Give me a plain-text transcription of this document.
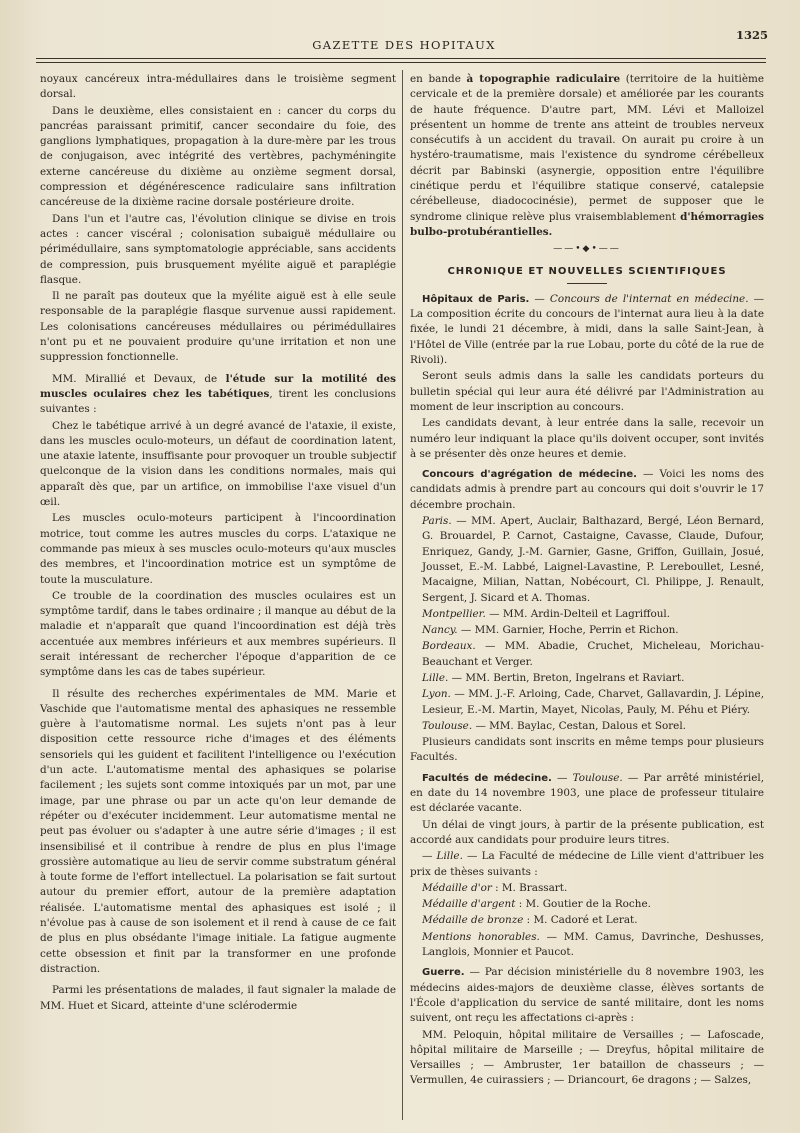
GAZETTE DES HOPITAUX
1325

noyaux cancéreux intra-médullaires dans le troisième segment dorsal.

Dans le deuxième, elles consistaient en : cancer du corps du pancréas paraissant primitif, cancer secondaire du foie, des ganglions lymphatiques, propagation à la dure-mère par les trous de conjugaison, avec intégrité des vertèbres, pachyméningite externe cancéreuse du dixième au onzième segment dorsal, compression et dégénérescence radiculaire sans infiltration cancéreuse de la dixième racine dorsale postérieure droite.

Dans l'un et l'autre cas, l'évolution clinique se divise en trois actes : cancer viscéral ; colonisation subaiguë médullaire ou périmédullaire, sans symptomatologie appréciable, sans accidents de compression, puis brusquement myélite aiguë et paraplégie flasque.

Il ne paraît pas douteux que la myélite aiguë est à elle seule responsable de la paraplégie flasque survenue aussi rapidement. Les colonisations cancéreuses médullaires ou périmédullaires n'ont pu et ne pouvaient produire qu'une irritation et non une suppression fonctionnelle.

MM. Mirallié et Devaux, de l'étude sur la motilité des muscles oculaires chez les tabétiques, tirent les conclusions suivantes :

Chez le tabétique arrivé à un degré avancé de l'ataxie, il existe, dans les muscles oculo-moteurs, un défaut de coordination latent, une ataxie latente, insuffisante pour provoquer un trouble subjectif quelconque de la vision dans les conditions normales, mais qui apparaît dès que, par un artifice, on immobilise l'axe visuel d'un œil.

Les muscles oculo-moteurs participent à l'incoordination motrice, tout comme les autres muscles du corps. L'ataxique ne commande pas mieux à ses muscles oculo-moteurs qu'aux muscles des membres, et l'incoordination motrice est un symptôme de toute la musculature.

Ce trouble de la coordination des muscles oculaires est un symptôme tardif, dans le tabes ordinaire ; il manque au début de la maladie et n'apparaît que quand l'incoordination est déjà très accentuée aux membres inférieurs et aux membres supérieurs. Il serait intéressant de rechercher l'époque d'apparition de ce symptôme dans les cas de tabes supérieur.

Il résulte des recherches expérimentales de MM. Marie et Vaschide que l'automatisme mental des aphasiques ne ressemble guère à l'automatisme normal. Les sujets n'ont pas à leur disposition cette ressource riche d'images et des éléments sensoriels qui les guident et facilitent l'intelligence ou l'exécution d'un acte. L'automatisme mental des aphasiques se polarise facilement ; les sujets sont comme intoxiqués par un mot, par une image, par une phrase ou par un acte qu'on leur demande de répéter ou d'exécuter incidemment. Leur automatisme mental ne peut pas évoluer ou s'adapter à une autre série d'images ; il est insensibilisé et il contribue à rendre de plus en plus l'image grossière automatique au lieu de servir comme substratum général à toute forme de l'effort intellectuel. La polarisation se fait surtout autour du premier effort, autour de la première adaptation réalisée. L'automatisme mental des aphasiques est isolé ; il n'évolue pas à cause de son isolement et il rend à cause de ce fait de plus en plus obsédante l'image initiale. La fatigue augmente cette obsession et finit par la transformer en une profonde distraction.

Parmi les présentations de malades, il faut signaler la malade de MM. Huet et Sicard, atteinte d'une sclérodermie

en bande à topographie radiculaire (territoire de la huitième cervicale et de la première dorsale) et améliorée par les courants de haute fréquence. D'autre part, MM. Lévi et Malloizel présentent un homme de trente ans atteint de troubles nerveux consécutifs à un accident du travail. On aurait pu croire à un hystéro-traumatisme, mais l'existence du syndrome cérébelleux décrit par Babinski (asynergie, opposition entre l'équilibre cinétique perdu et l'équilibre statique conservé, catalepsie cérébelleuse, diadococinésie), permet de supposer que le syndrome clinique relève plus vraisemblablement d'hémorragies bulbo-protubérantielles.

——•◆•——
CHRONIQUE ET NOUVELLES SCIENTIFIQUES

Hôpitaux de Paris. — Concours de l'internat en médecine. — La composition écrite du concours de l'internat aura lieu à la date fixée, le lundi 21 décembre, à midi, dans la salle Saint-Jean, à l'Hôtel de Ville (entrée par la rue Lobau, porte du côté de la rue de Rivoli).

Seront seuls admis dans la salle les candidats porteurs du bulletin spécial qui leur aura été délivré par l'Administration au moment de leur inscription au concours.

Les candidats devant, à leur entrée dans la salle, recevoir un numéro leur indiquant la place qu'ils doivent occuper, sont invités à se présenter dès onze heures et demie.

Concours d'agrégation de médecine. — Voici les noms des candidats admis à prendre part au concours qui doit s'ouvrir le 17 décembre prochain.

Paris. — MM. Apert, Auclair, Balthazard, Bergé, Léon Bernard, G. Brouardel, P. Carnot, Castaigne, Cavasse, Claude, Dufour, Enriquez, Gandy, J.-M. Garnier, Gasne, Griffon, Guillain, Josué, Jousset, E.-M. Labbé, Laignel-Lavastine, P. Lereboullet, Lesné, Macaigne, Milian, Nattan, Nobécourt, Cl. Philippe, J. Renault, Sergent, J. Sicard et A. Thomas.

Montpellier. — MM. Ardin-Delteil et Lagriffoul.

Nancy. — MM. Garnier, Hoche, Perrin et Richon.

Bordeaux. — MM. Abadie, Cruchet, Micheleau, Morichau-Beauchant et Verger.

Lille. — MM. Bertin, Breton, Ingelrans et Raviart.

Lyon. — MM. J.-F. Arloing, Cade, Charvet, Gallavardin, J. Lépine, Lesieur, E.-M. Martin, Mayet, Nicolas, Pauly, M. Péhu et Piéry.

Toulouse. — MM. Baylac, Cestan, Dalous et Sorel.

Plusieurs candidats sont inscrits en même temps pour plusieurs Facultés.

Facultés de médecine. — Toulouse. — Par arrêté ministériel, en date du 14 novembre 1903, une place de professeur titulaire est déclarée vacante.

Un délai de vingt jours, à partir de la présente publication, est accordé aux candidats pour produire leurs titres.

— Lille. — La Faculté de médecine de Lille vient d'attribuer les prix de thèses suivants :

Médaille d'or : M. Brassart.

Médaille d'argent : M. Goutier de la Roche.

Médaille de bronze : M. Cadoré et Lerat.

Mentions honorables. — MM. Camus, Davrinche, Deshusses, Langlois, Monnier et Paucot.

Guerre. — Par décision ministérielle du 8 novembre 1903, les médecins aides-majors de deuxième classe, élèves sortants de l'École d'application du service de santé militaire, dont les noms suivent, ont reçu les affectations ci-après :

MM. Peloquin, hôpital militaire de Versailles ; — Lafoscade, hôpital militaire de Marseille ; — Dreyfus, hôpital militaire de Versailles ; — Ambruster, 1er bataillon de chasseurs ; — Vermullen, 4e cuirassiers ; — Driancourt, 6e dragons ; — Salzes,
